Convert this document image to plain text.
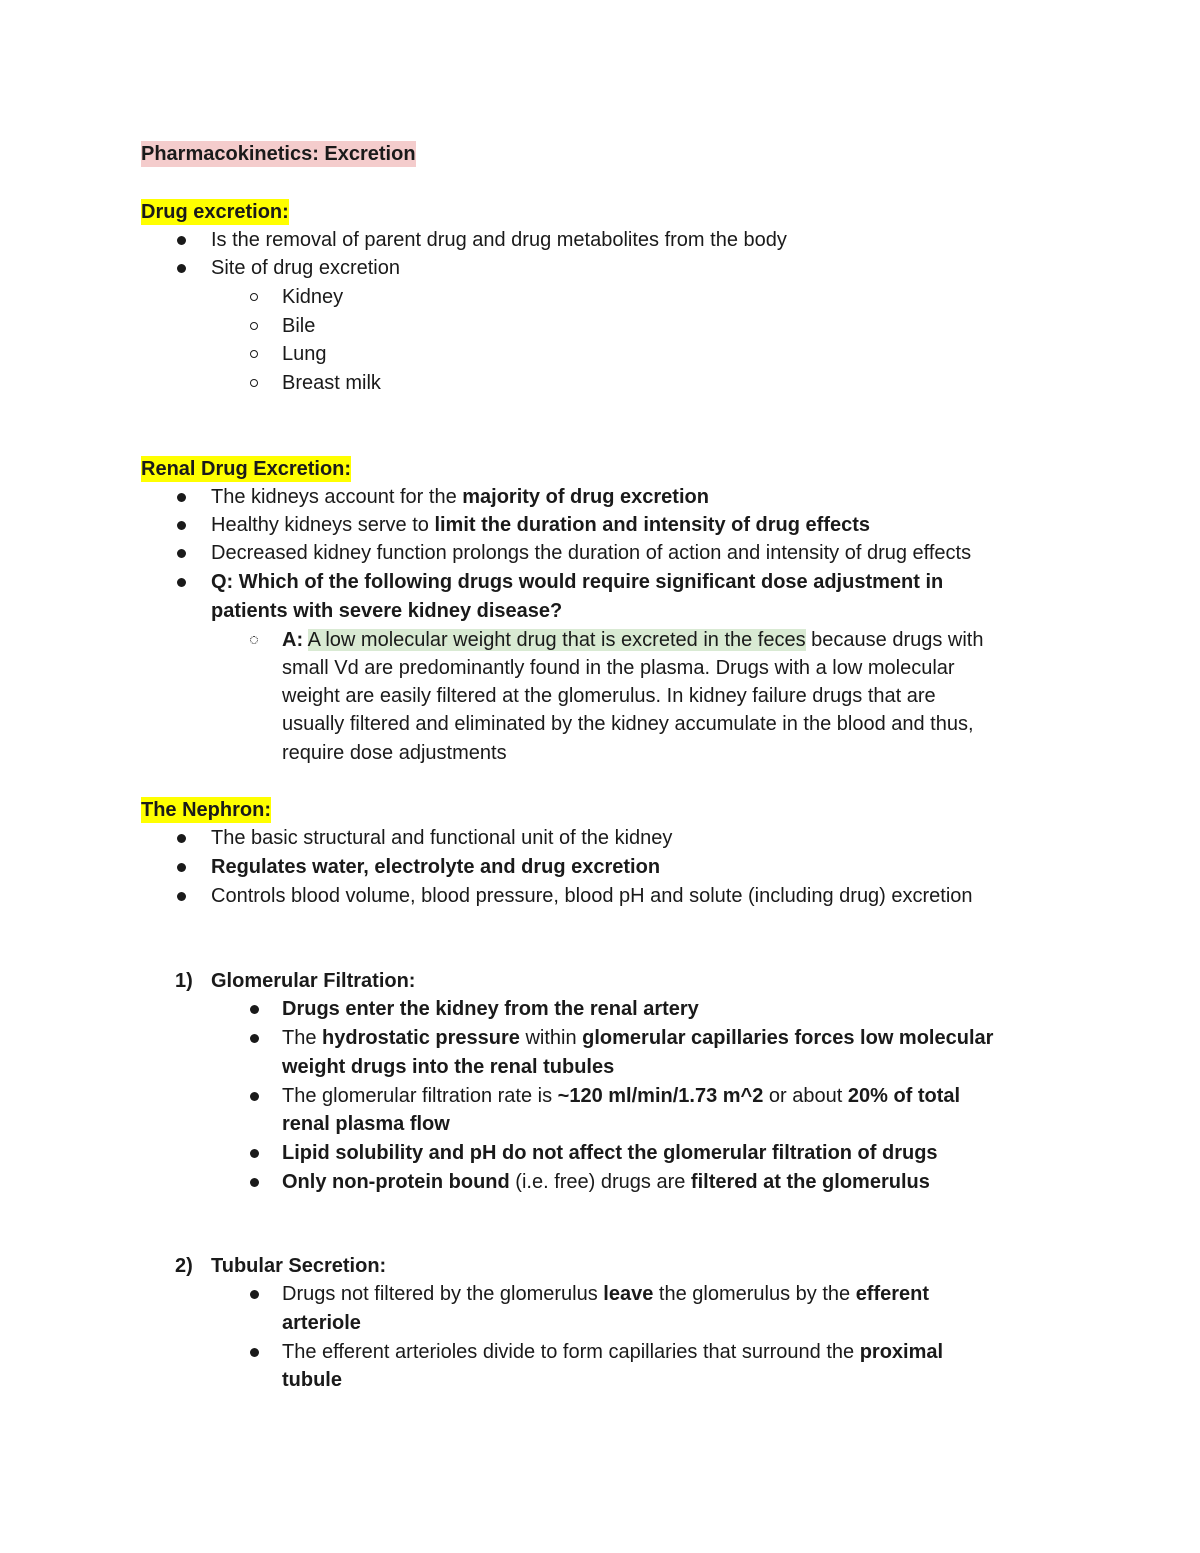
Pharmacokinetics: Excretion
Drug excretion:
Is the removal of parent drug and drug metabolites from the body
Site of drug excretion
Kidney
Bile
Lung
Breast milk
Renal Drug Excretion:
The kidneys account for the majority of drug excretion
Healthy kidneys serve to limit the duration and intensity of drug effects
Decreased kidney function prolongs the duration of action and intensity of drug effects
Q: Which of the following drugs would require significant dose adjustment in
patients with severe kidney disease?
A: A low molecular weight drug that is excreted in the feces because drugs with
small Vd are predominantly found in the plasma. Drugs with a low molecular
weight are easily filtered at the glomerulus. In kidney failure drugs that are
usually filtered and eliminated by the kidney accumulate in the blood and thus,
require dose adjustments
The Nephron:
The basic structural and functional unit of the kidney
Regulates water, electrolyte and drug excretion
Controls blood volume, blood pressure, blood pH and solute (including drug) excretion
1) Glomerular Filtration:
Drugs enter the kidney from the renal artery
The hydrostatic pressure within glomerular capillaries forces low molecular
weight drugs into the renal tubules
The glomerular filtration rate is ~120 ml/min/1.73 m^2 or about 20% of total
renal plasma flow
Lipid solubility and pH do not affect the glomerular filtration of drugs
Only non-protein bound (i.e. free) drugs are filtered at the glomerulus
2) Tubular Secretion:
Drugs not filtered by the glomerulus leave the glomerulus by the efferent
arteriole
The efferent arterioles divide to form capillaries that surround the proximal
tubule
